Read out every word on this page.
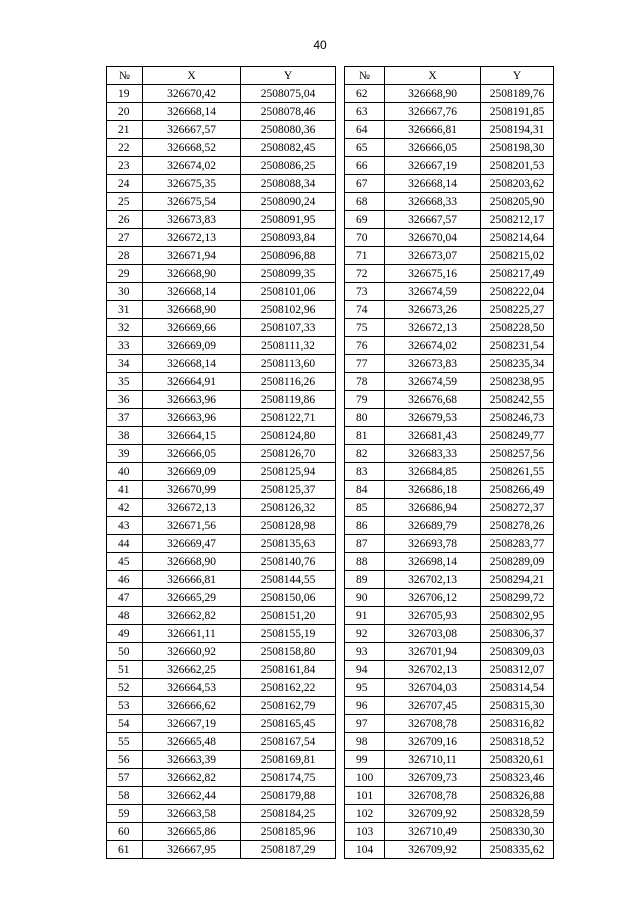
40
№	X	Y		№	X	Y
19	326670,42	2508075,04		62	326668,90	2508189,76
20	326668,14	2508078,46		63	326667,76	2508191,85
21	326667,57	2508080,36		64	326666,81	2508194,31
22	326668,52	2508082,45		65	326666,05	2508198,30
23	326674,02	2508086,25		66	326667,19	2508201,53
24	326675,35	2508088,34		67	326668,14	2508203,62
25	326675,54	2508090,24		68	326668,33	2508205,90
26	326673,83	2508091,95		69	326667,57	2508212,17
27	326672,13	2508093,84		70	326670,04	2508214,64
28	326671,94	2508096,88		71	326673,07	2508215,02
29	326668,90	2508099,35		72	326675,16	2508217,49
30	326668,14	2508101,06		73	326674,59	2508222,04
31	326668,90	2508102,96		74	326673,26	2508225,27
32	326669,66	2508107,33		75	326672,13	2508228,50
33	326669,09	2508111,32		76	326674,02	2508231,54
34	326668,14	2508113,60		77	326673,83	2508235,34
35	326664,91	2508116,26		78	326674,59	2508238,95
36	326663,96	2508119,86		79	326676,68	2508242,55
37	326663,96	2508122,71		80	326679,53	2508246,73
38	326664,15	2508124,80		81	326681,43	2508249,77
39	326666,05	2508126,70		82	326683,33	2508257,56
40	326669,09	2508125,94		83	326684,85	2508261,55
41	326670,99	2508125,37		84	326686,18	2508266,49
42	326672,13	2508126,32		85	326686,94	2508272,37
43	326671,56	2508128,98		86	326689,79	2508278,26
44	326669,47	2508135,63		87	326693,78	2508283,77
45	326668,90	2508140,76		88	326698,14	2508289,09
46	326666,81	2508144,55		89	326702,13	2508294,21
47	326665,29	2508150,06		90	326706,12	2508299,72
48	326662,82	2508151,20		91	326705,93	2508302,95
49	326661,11	2508155,19		92	326703,08	2508306,37
50	326660,92	2508158,80		93	326701,94	2508309,03
51	326662,25	2508161,84		94	326702,13	2508312,07
52	326664,53	2508162,22		95	326704,03	2508314,54
53	326666,62	2508162,79		96	326707,45	2508315,30
54	326667,19	2508165,45		97	326708,78	2508316,82
55	326665,48	2508167,54		98	326709,16	2508318,52
56	326663,39	2508169,81		99	326710,11	2508320,61
57	326662,82	2508174,75		100	326709,73	2508323,46
58	326662,44	2508179,88		101	326708,78	2508326,88
59	326663,58	2508184,25		102	326709,92	2508328,59
60	326665,86	2508185,96		103	326710,49	2508330,30
61	326667,95	2508187,29		104	326709,92	2508335,62
